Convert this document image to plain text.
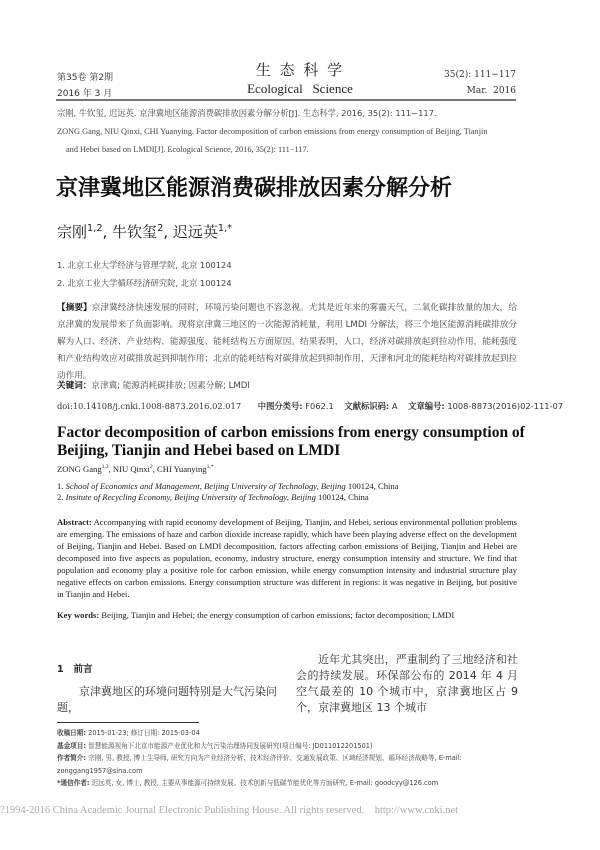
第35卷 第2期
2016 年 3 月
生 态 科 学
Ecological   Science
35(2): 111−117
Mar.  2016
宗刚, 牛钦玺, 迟远英. 京津冀地区能源消费碳排放因素分解分析[J]. 生态科学, 2016, 35(2): 111−117.
ZONG Gang, NIU Qinxi, CHI Yuanying. Factor decomposition of carbon emissions from energy consumption of Beijing, Tianjin
and Hebei based on LMDI[J]. Ecological Science, 2016, 35(2): 111−117.
京津冀地区能源消费碳排放因素分解分析
宗刚$^{1,2}$, 牛钦玺$^2$, 迟远英$^{1,*}$
1. 北京工业大学经济与管理学院, 北京 100124
2. 北京工业大学循环经济研究院, 北京 100124
【摘要】京津冀经济快速发展的同时，环境污染问题也不容忽视。尤其是近年来的雾霾天气，二氧化碳排放量的加大，给京津冀的发展带来了负面影响。现将京津冀三地区的一次能源消耗量，利用 LMDI 分解法，将三个地区能源消耗碳排放分解为人口、经济、产业结构、能源强度、能耗结构五方面原因。结果表明，人口，经济对碳排放起到拉动作用，能耗强度和产业结构效应对碳排放起到抑制作用；北京的能耗结构对碳排放起到抑制作用，天津和河北的能耗结构对碳排放起到拉动作用。
关键词：京津冀; 能源消耗碳排放; 因素分解; LMDI
doi:10.14108/j.cnki.1008-8873.2016.02.017 中图分类号: F062.1 文献标识码: A 文章编号: 1008-8873(2016)02-111-07
Factor decomposition of carbon emissions from energy consumption of Beijing, Tianjin and Hebei based on LMDI
ZONG Gang$^{1,2}$, NIU Qinxi$^2$, CHI Yuanying$^{1,*}$
1. School of Economics and Management, Beijing University of Technology, Beijing 100124, China
2. Insitute of Recycling Economy, Beijing University of Technology, Beijing 100124, China
Abstract: Accompanying with rapid economy development of Beijing, Tianjin, and Hebei, serious environmental pollution problems are emerging. The emissions of haze and carbon dioxide increase rapidly, which have been playing adverse effect on the development of Beijing, Tianjin and Hebei. Based on LMDI decomposition, factors affecting carbon emissions of Beijing, Tianjin and Hebei are decomposed into five aspects as population, economy, industry structure, energy consumption intensity and structure. We find that population and economy play a positive role for carbon emission, while energy consumption intensity and industrial structure play negative effects on carbon emissions. Energy consumption structure was different in regions: it was negative in Beijing, but positive in Tianjin and Hebei.
Key words: Beijing, Tianjin and Hebei; the energy consumption of carbon emissions; factor decomposition; LMDI
1   前言
京津冀地区的环境问题特别是大气污染问题，
近年尤其突出，严重制约了三地经济和社会的持续发展。环保部公布的 2014 年 4 月空气最差的 10 个城市中，京津冀地区占 9 个，京津冀地区 13 个城市
收稿日期: 2015-01-23; 修订日期: 2015-03-04
基金项目: 智慧能源视角下北京市能源产业优化和大气污染治理协同发展研究(项目编号: JD011012201501)
作者简介: 宗刚, 男, 教授, 博士生导师, 研究方向为产业经济分析、技术经济评价、交通发展政策、区域经济规划、循环经济战略等, E-mail: zonggang1957@sina.com
*通信作者: 迟远英, 女, 博士, 教授, 主要从事能源可持续发展、技术创新与低碳节能优化等方面研究, E-mail: goodcyy@126.com
?1994-2016 China Academic Journal Electronic Publishing House. All rights reserved.    http://www.cnki.net
